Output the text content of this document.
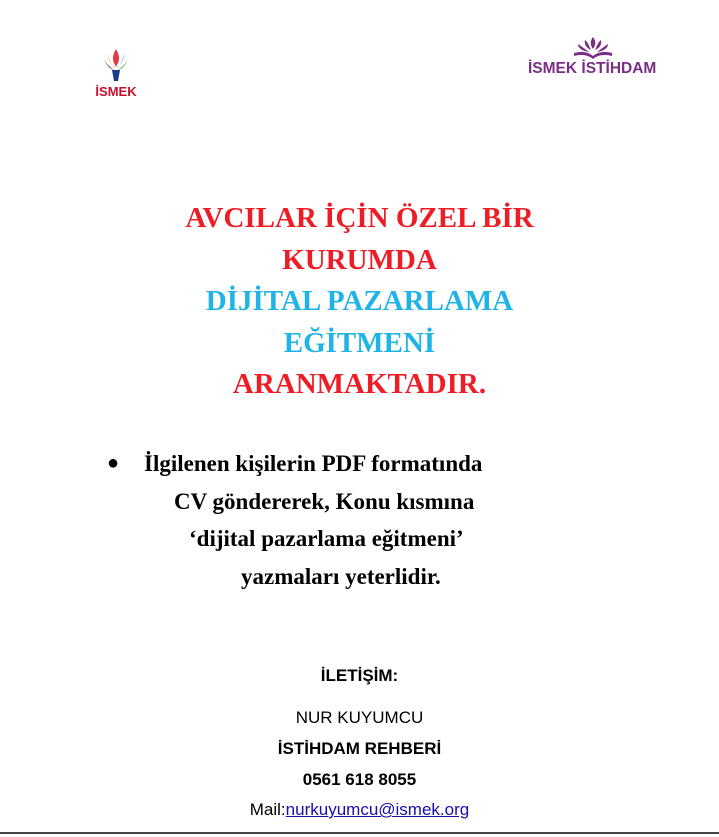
İSMEK
İSMEK İSTİHDAM
AVCILAR İÇİN ÖZEL BİR
KURUMDA
DİJİTAL PAZARLAMA
EĞİTMENİ
ARANMAKTADIR.
● İlgilenen kişilerin PDF formatında
CV göndererek, Konu kısmına
‘dijital pazarlama eğitmeni’
yazmaları yeterlidir.
İLETİŞİM:
NUR KUYUMCU
İSTİHDAM REHBERİ
0561 618 8055
Mail:nurkuyumcu@ismek.org
